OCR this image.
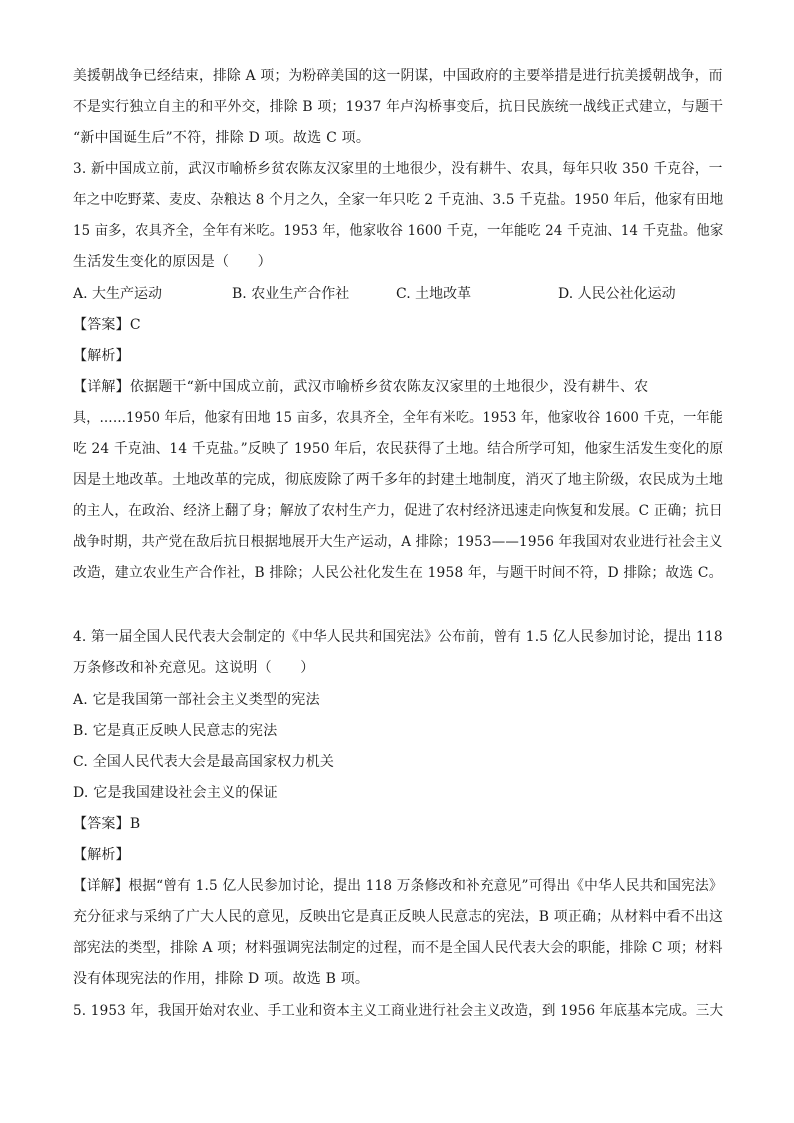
美援朝战争已经结束，排除 A 项；为粉碎美国的这一阴谋，中国政府的主要举措是进行抗美援朝战争，而
不是实行独立自主的和平外交，排除 B 项；1937 年卢沟桥事变后，抗日民族统一战线正式建立，与题干
“新中国诞生后”不符，排除 D 项。故选 C 项。
3. 新中国成立前，武汉市喻桥乡贫农陈友汉家里的土地很少，没有耕牛、农具，每年只收 350 千克谷，一
年之中吃野菜、麦皮、杂粮达 8 个月之久，全家一年只吃 2 千克油、3.5 千克盐。1950 年后，他家有田地
15 亩多，农具齐全，全年有米吃。1953 年，他家收谷 1600 千克，一年能吃 24 千克油、14 千克盐。他家
生活发生变化的原因是（　　）
A. 大生产运动	B. 农业生产合作社	C. 土地改革	D. 人民公社化运动
【答案】C
【解析】
【详解】依据题干“新中国成立前，武汉市喻桥乡贫农陈友汉家里的土地很少，没有耕牛、农
具，……1950 年后，他家有田地 15 亩多，农具齐全，全年有米吃。1953 年，他家收谷 1600 千克，一年能
吃 24 千克油、14 千克盐。”反映了 1950 年后，农民获得了土地。结合所学可知，他家生活发生变化的原
因是土地改革。土地改革的完成，彻底废除了两千多年的封建土地制度，消灭了地主阶级，农民成为土地
的主人，在政治、经济上翻了身；解放了农村生产力，促进了农村经济迅速走向恢复和发展。C 正确；抗日
战争时期，共产党在敌后抗日根据地展开大生产运动，A 排除；1953——1956 年我国对农业进行社会主义
改造，建立农业生产合作社，B 排除；人民公社化发生在 1958 年，与题干时间不符，D 排除；故选 C。
4. 第一届全国人民代表大会制定的《中华人民共和国宪法》公布前，曾有 1.5 亿人民参加讨论，提出 118
万条修改和补充意见。这说明（　　）
A. 它是我国第一部社会主义类型的宪法
B. 它是真正反映人民意志的宪法
C. 全国人民代表大会是最高国家权力机关
D. 它是我国建设社会主义的保证
【答案】B
【解析】
【详解】根据“曾有 1.5 亿人民参加讨论，提出 118 万条修改和补充意见”可得出《中华人民共和国宪法》
充分征求与采纳了广大人民的意见，反映出它是真正反映人民意志的宪法，B 项正确；从材料中看不出这
部宪法的类型，排除 A 项；材料强调宪法制定的过程，而不是全国人民代表大会的职能，排除 C 项；材料
没有体现宪法的作用，排除 D 项。故选 B 项。
5. 1953 年，我国开始对农业、手工业和资本主义工商业进行社会主义改造，到 1956 年底基本完成。三大
